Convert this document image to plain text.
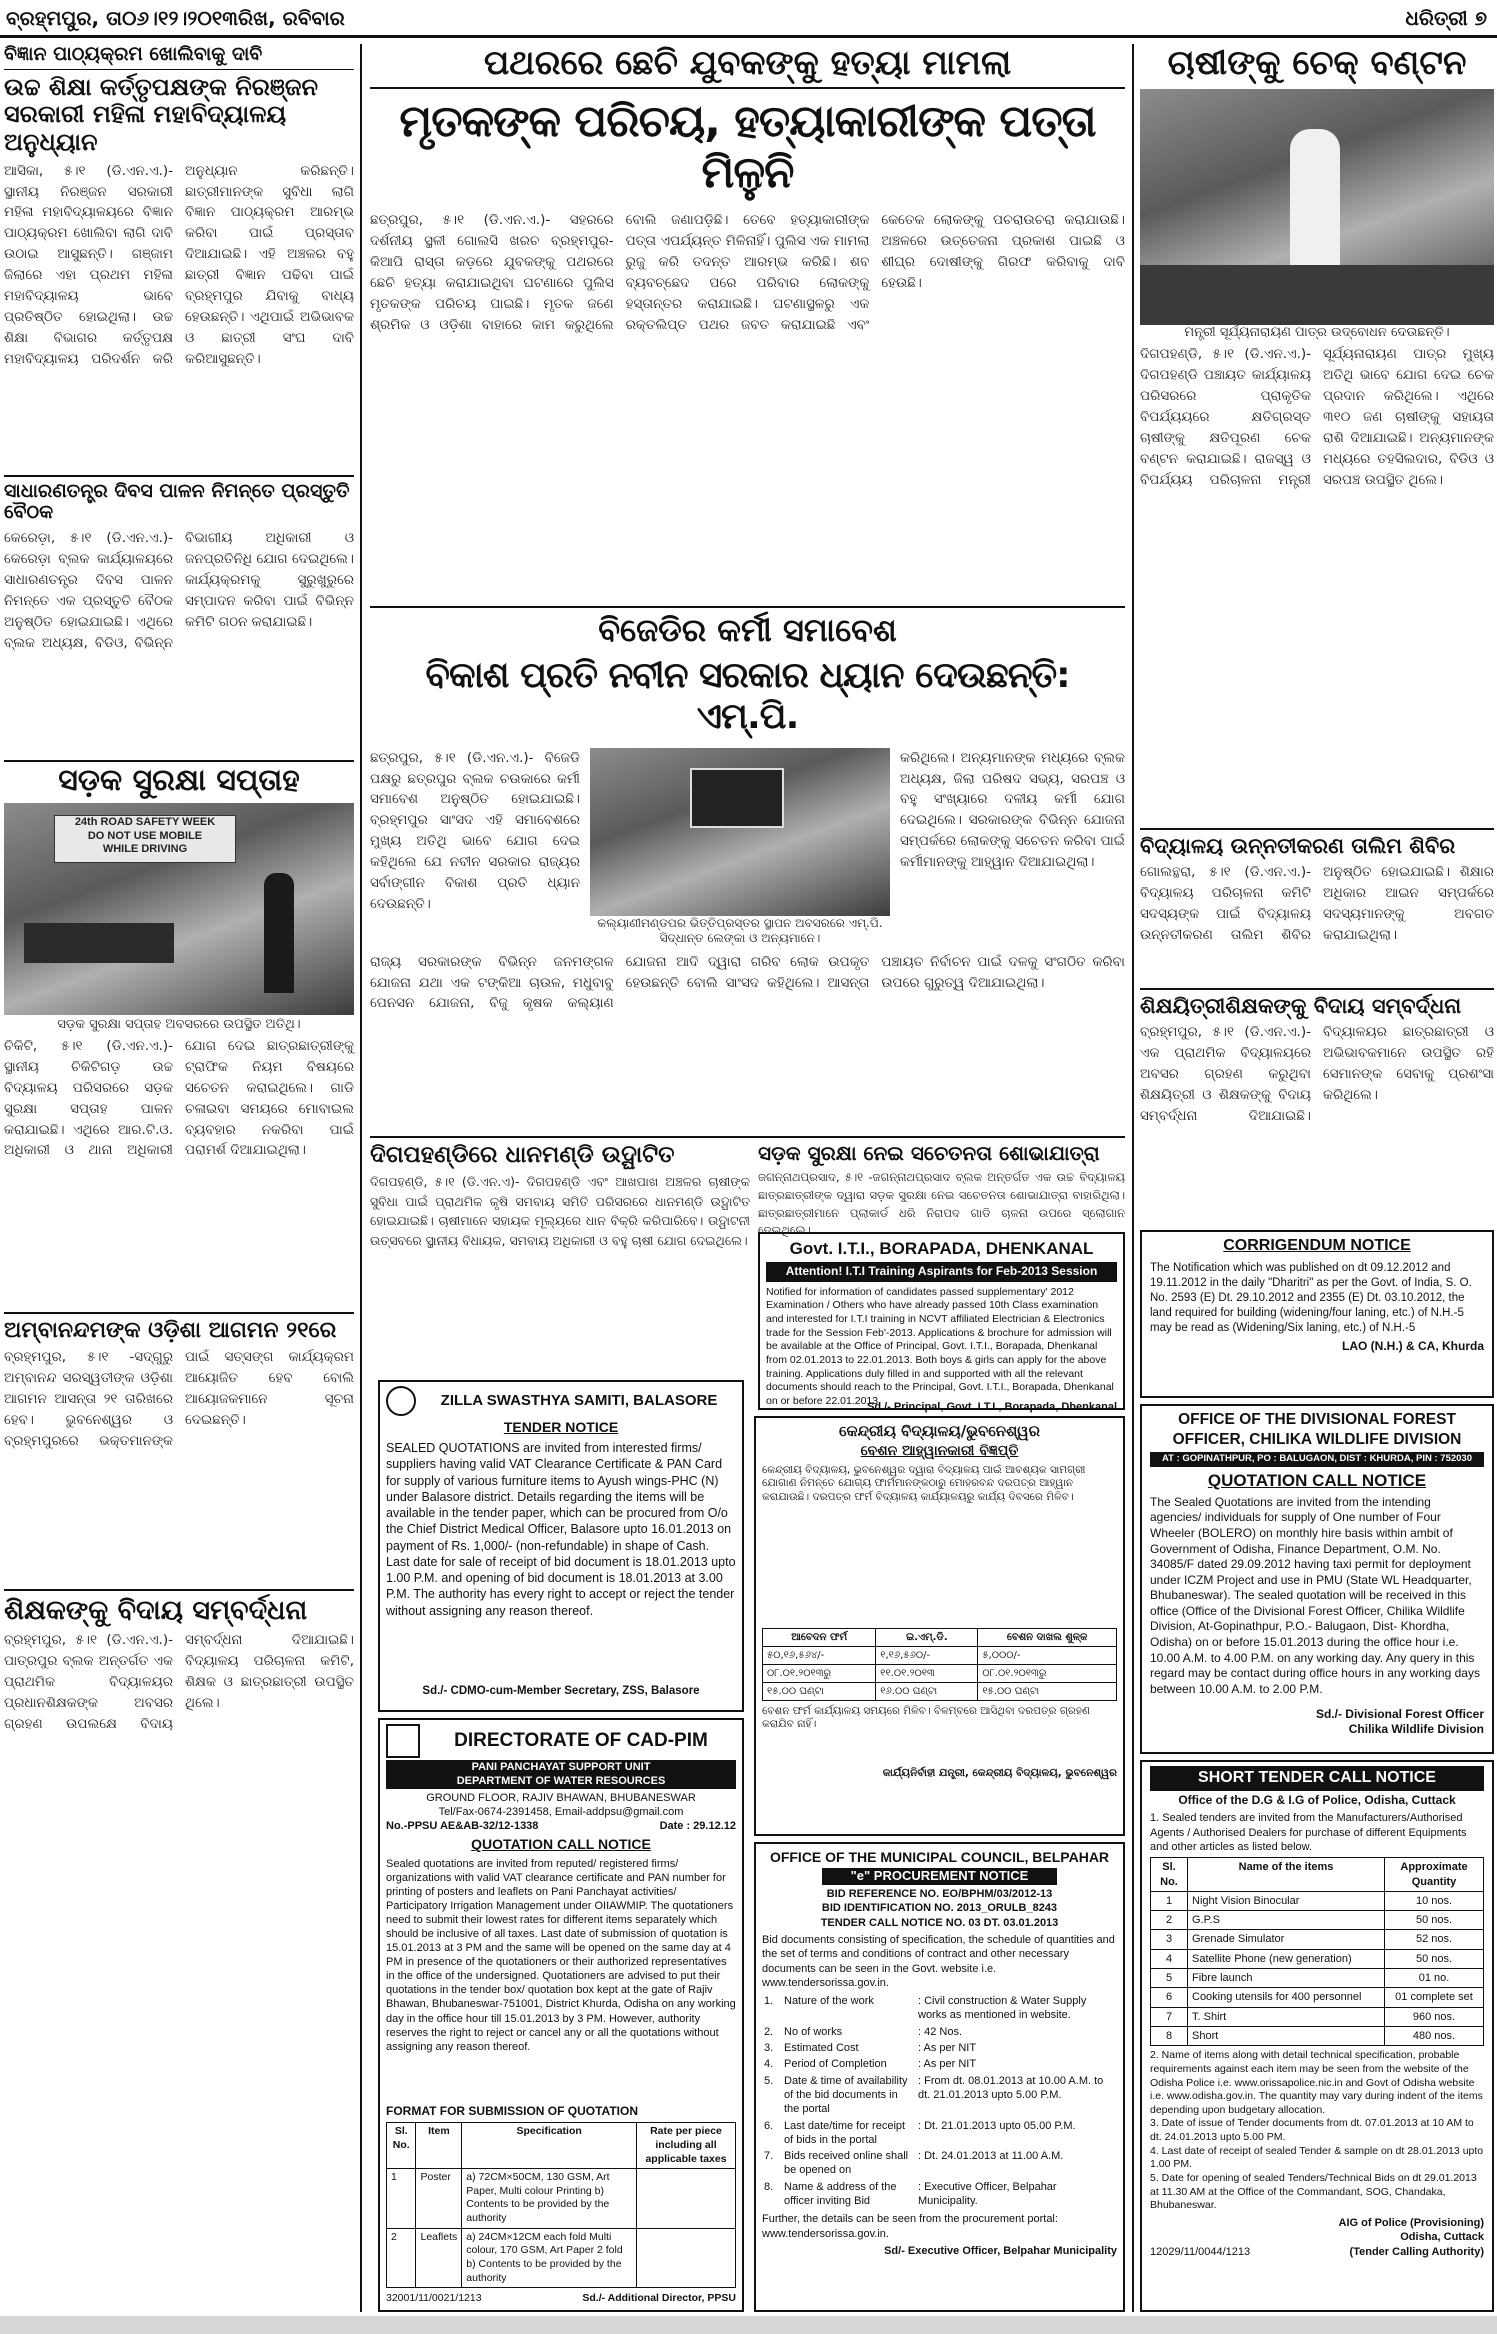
ବ୍ରହ୍ମପୁର, ତା୦୬।୧୨।୨୦୧୩ରିଖ, ରବିବାର	ଧରିତ୍ରୀ ୭
ବିଜ୍ଞାନ ପାଠ୍ୟକ୍ରମ ଖୋଲିବାକୁ ଦାବି
ଉଚ୍ଚ ଶିକ୍ଷା କର୍ତ୍ତୃପକ୍ଷଙ୍କ ନିରଞ୍ଜନ ସରକାରୀ ମହିଳା ମହାବିଦ୍ୟାଳୟ ଅନୁଧ୍ୟାନ
ଆସିକା, ୫।୧ (ଡି.ଏନ.ଏ.)- ସ୍ଥାନୀୟ ନିରଞ୍ଜନ ସରକାରୀ ମହିଳା ମହାବିଦ୍ୟାଳୟରେ ବିଜ୍ଞାନ ପାଠ୍ୟକ୍ରମ ଖୋଲିବା ଲାଗି ଦାବି ଉଠାଇ ଆସୁଛନ୍ତି। ଗଞ୍ଜାମ ଜିଲାରେ ଏହା ପ୍ରଥମ ମହିଳା ମହାବିଦ୍ୟାଳୟ ଭାବେ ପ୍ରତିଷ୍ଠିତ ହୋଇଥିଲା। ଉଚ୍ଚ ଶିକ୍ଷା ବିଭାଗର କର୍ତ୍ତୃପକ୍ଷ ମହାବିଦ୍ୟାଳୟ ପରିଦର୍ଶନ କରି ଅନୁଧ୍ୟାନ କରିଛନ୍ତି। ଛାତ୍ରୀମାନଙ୍କ ସୁବିଧା ଲାଗି ବିଜ୍ଞାନ ପାଠ୍ୟକ୍ରମ ଆରମ୍ଭ କରିବା ପାଇଁ ପ୍ରସ୍ତାବ ଦିଆଯାଇଛି। ଏହି ଅଞ୍ଚଳର ବହୁ ଛାତ୍ରୀ ବିଜ୍ଞାନ ପଢିବା ପାଇଁ ବ୍ରହ୍ମପୁର ଯିବାକୁ ବାଧ୍ୟ ହେଉଛନ୍ତି। ଏଥିପାଇଁ ଅଭିଭାବକ ଓ ଛାତ୍ରୀ ସଂଘ ଦାବି କରିଆସୁଛନ୍ତି।
ସାଧାରଣତନ୍ତ୍ର ଦିବସ ପାଳନ ନିମନ୍ତେ ପ୍ରସ୍ତୁତି ବୈଠକ
କେରେଡ଼ା, ୫।୧ (ଡି.ଏନ.ଏ.)- କେରେଡ଼ା ବ୍ଲକ କାର୍ଯ୍ୟାଳୟରେ ସାଧାରଣତନ୍ତ୍ର ଦିବସ ପାଳନ ନିମନ୍ତେ ଏକ ପ୍ରସ୍ତୁତି ବୈଠକ ଅନୁଷ୍ଠିତ ହୋଇଯାଇଛି। ଏଥିରେ ବ୍ଲକ ଅଧ୍ୟକ୍ଷ, ବିଡିଓ, ବିଭିନ୍ନ ବିଭାଗୀୟ ଅଧିକାରୀ ଓ ଜନପ୍ରତିନିଧି ଯୋଗ ଦେଇଥିଲେ। କାର୍ଯ୍ୟକ୍ରମକୁ ସୁରୁଖୁରୁରେ ସମ୍ପାଦନ କରିବା ପାଇଁ ବିଭିନ୍ନ କମିଟି ଗଠନ କରାଯାଇଛି।
ସଡ଼କ ସୁରକ୍ଷା ସପ୍ତାହ
24th ROAD SAFETY WEEK
DO NOT USE MOBILE
WHILE DRIVING
ସଡ଼କ ସୁରକ୍ଷା ସପ୍ତାହ ଅବସରରେ ଉପସ୍ଥିତ ଅତିଥି।
ଚିକିଟି, ୫।୧ (ଡି.ଏନ.ଏ.)- ସ୍ଥାନୀୟ ଚିକିଟିଗଡ଼ ଉଚ୍ଚ ବିଦ୍ୟାଳୟ ପରିସରରେ ସଡ଼କ ସୁରକ୍ଷା ସପ୍ତାହ ପାଳନ କରାଯାଇଛି। ଏଥିରେ ଆର.ଟି.ଓ. ଅଧିକାରୀ ଓ ଥାନା ଅଧିକାରୀ ଯୋଗ ଦେଇ ଛାତ୍ରଛାତ୍ରୀଙ୍କୁ ଟ୍ରାଫିକ ନିୟମ ବିଷୟରେ ସଚେତନ କରାଇଥିଲେ। ଗାଡି ଚଳାଇବା ସମୟରେ ମୋବାଇଲ ବ୍ୟବହାର ନକରିବା ପାଇଁ ପରାମର୍ଶ ଦିଆଯାଇଥିଲା।
ଅମ୍ବାନନ୍ଦମଙ୍କ ଓଡ଼ିଶା ଆଗମନ ୨୧ରେ
ବ୍ରହ୍ମପୁର, ୫।୧ -ସଦ୍ଗୁରୁ ଅମ୍ବାନନ୍ଦ ସରସ୍ୱତୀଙ୍କ ଓଡ଼ିଶା ଆଗମନ ଆସନ୍ତା ୨୧ ତାରିଖରେ ହେବ। ଭୁବନେଶ୍ୱର ଓ ବ୍ରହ୍ମପୁରରେ ଭକ୍ତମାନଙ୍କ ପାଇଁ ସତ୍ସଙ୍ଗ କାର୍ଯ୍ୟକ୍ରମ ଆୟୋଜିତ ହେବ ବୋଲି ଆୟୋଜକମାନେ ସୂଚନା ଦେଇଛନ୍ତି।
ଶିକ୍ଷକଙ୍କୁ ବିଦାୟ ସମ୍ବର୍ଦ୍ଧନା
ବ୍ରହ୍ମପୁର, ୫।୧ (ଡି.ଏନ.ଏ.)- ପାତ୍ରପୁର ବ୍ଲକ ଅନ୍ତର୍ଗତ ଏକ ପ୍ରାଥମିକ ବିଦ୍ୟାଳୟର ପ୍ରଧାନଶିକ୍ଷକଙ୍କ ଅବସର ଗ୍ରହଣ ଉପଲକ୍ଷେ ବିଦାୟ ସମ୍ବର୍ଦ୍ଧନା ଦିଆଯାଇଛି। ବିଦ୍ୟାଳୟ ପରିଚାଳନା କମିଟି, ଶିକ୍ଷକ ଓ ଛାତ୍ରଛାତ୍ରୀ ଉପସ୍ଥିତ ଥିଲେ।
ପଥରରେ ଛେଚି ଯୁବକଙ୍କୁ ହତ୍ୟା ମାମଲା
ମୃତକଙ୍କ ପରିଚୟ, ହତ୍ୟାକାରୀଙ୍କ ପତ୍ତା ମିଳୁନି
ଛତ୍ରପୁର, ୫।୧ (ଡି.ଏନ.ଏ.)- ସହରରେ ଦର୍ଶନୀୟ ସ୍ଥଳୀ ଗୋଲସି ଖରଚ ବ୍ରହ୍ମପୁର-କିଆପି ରାସ୍ତା କଡ଼ରେ ଯୁବକଙ୍କୁ ପଥରରେ ଛେଚି ହତ୍ୟା କରାଯାଇଥିବା ଘଟଣାରେ ପୁଲିସ ମୃତକଙ୍କ ପରିଚୟ ପାଇଛି। ମୃତକ ଜଣେ ଶ୍ରମିକ ଓ ଓଡ଼ିଶା ବାହାରେ କାମ କରୁଥିଲେ ବୋଲି ଜଣାପଡ଼ିଛି। ତେବେ ହତ୍ୟାକାରୀଙ୍କ ପତ୍ତା ଏପର୍ଯ୍ୟନ୍ତ ମିଳିନାହିଁ। ପୁଲିସ ଏକ ମାମଲା ରୁଜୁ କରି ତଦନ୍ତ ଆରମ୍ଭ କରିଛି। ଶବ ବ୍ୟବଚ୍ଛେଦ ପରେ ପରିବାର ଲୋକଙ୍କୁ ହସ୍ତାନ୍ତର କରାଯାଇଛି। ଘଟଣାସ୍ଥଳରୁ ଏକ ରକ୍ତଲିପ୍ତ ପଥର ଜବତ କରାଯାଇଛି ଏବଂ କେତେକ ଲୋକଙ୍କୁ ପଚରାଉଚରା କରାଯାଉଛି। ଅଞ୍ଚଳରେ ଉତ୍ତେଜନା ପ୍ରକାଶ ପାଇଛି ଓ ଶୀଘ୍ର ଦୋଷୀଙ୍କୁ ଗିରଫ କରିବାକୁ ଦାବି ହେଉଛି।
ବିଜେଡିର କର୍ମୀ ସମାବେଶ
ବିକାଶ ପ୍ରତି ନବୀନ ସରକାର ଧ୍ୟାନ ଦେଉଛନ୍ତି: ଏମ୍.ପି.
ଛତ୍ରପୁର, ୫।୧ (ଡି.ଏନ.ଏ.)- ବିଜେଡି ପକ୍ଷରୁ ଛତ୍ରପୁର ବ୍ଲକ ଚଉକାରେ କର୍ମୀ ସମାବେଶ ଅନୁଷ୍ଠିତ ହୋଇଯାଇଛି। ବ୍ରହ୍ମପୁର ସାଂସଦ ଏହି ସମାବେଶରେ ମୁଖ୍ୟ ଅତିଥି ଭାବେ ଯୋଗ ଦେଇ କହିଥିଲେ ଯେ ନବୀନ ସରକାର ରାଜ୍ୟର ସର୍ବାଙ୍ଗୀନ ବିକାଶ ପ୍ରତି ଧ୍ୟାନ ଦେଉଛନ୍ତି।
କଲ୍ୟାଣୀମଣ୍ଡପର ଭିତ୍ତିପ୍ରସ୍ତର ସ୍ଥାପନ ଅବସରରେ ଏମ୍.ପି. ସିଦ୍ଧାନ୍ତ ଲେଙ୍କା ଓ ଅନ୍ୟମାନେ।
କରିଥିଲେ। ଅନ୍ୟମାନଙ୍କ ମଧ୍ୟରେ ବ୍ଲକ ଅଧ୍ୟକ୍ଷ, ଜିଲା ପରିଷଦ ସଭ୍ୟ, ସରପଞ୍ଚ ଓ ବହୁ ସଂଖ୍ୟାରେ ଦଳୀୟ କର୍ମୀ ଯୋଗ ଦେଇଥିଲେ। ସରକାରଙ୍କ ବିଭିନ୍ନ ଯୋଜନା ସମ୍ପର୍କରେ ଲୋକଙ୍କୁ ସଚେତନ କରିବା ପାଇଁ କର୍ମୀମାନଙ୍କୁ ଆହ୍ୱାନ ଦିଆଯାଇଥିଲା।
ରାଜ୍ୟ ସରକାରଙ୍କ ବିଭିନ୍ନ ଜନମଙ୍ଗଳ ଯୋଜନା ଯଥା ଏକ ଟଙ୍କିଆ ଚାଉଳ, ମଧୁବାବୁ ପେନସନ ଯୋଜନା, ବିଜୁ କୃଷକ କଲ୍ୟାଣ ଯୋଜନା ଆଦି ଦ୍ୱାରା ଗରିବ ଲୋକ ଉପକୃତ ହେଉଛନ୍ତି ବୋଲି ସାଂସଦ କହିଥିଲେ। ଆସନ୍ତା ପଞ୍ଚାୟତ ନିର୍ବାଚନ ପାଇଁ ଦଳକୁ ସଂଗଠିତ କରିବା ଉପରେ ଗୁରୁତ୍ୱ ଦିଆଯାଇଥିଲା।
ଦିଗପହଣ୍ଡିରେ ଧାନମଣ୍ଡି ଉଦ୍ଘାଟିତ
ଦିଗପହଣ୍ଡି, ୫।୧ (ଡି.ଏନ.ଏ)- ଦିଗପହଣ୍ଡି ଏବଂ ଆଖପାଖ ଅଞ୍ଚଳର ଚାଷୀଙ୍କ ସୁବିଧା ପାଇଁ ପ୍ରାଥମିକ କୃଷି ସମବାୟ ସମିତି ପରିସରରେ ଧାନମଣ୍ଡି ଉଦ୍ଘାଟିତ ହୋଇଯାଇଛି। ଚାଷୀମାନେ ସହାୟକ ମୂଲ୍ୟରେ ଧାନ ବିକ୍ରି କରିପାରିବେ। ଉଦ୍ଘାଟନୀ ଉତ୍ସବରେ ସ୍ଥାନୀୟ ବିଧାୟକ, ସମବାୟ ଅଧିକାରୀ ଓ ବହୁ ଚାଷୀ ଯୋଗ ଦେଇଥିଲେ।
ସଡ଼କ ସୁରକ୍ଷା ନେଇ ସଚେତନତା ଶୋଭାଯାତ୍ରା
ଜଗନ୍ନାଥପ୍ରସାଦ, ୫।୧ -ଜଗନ୍ନାଥପ୍ରସାଦ ବ୍ଲକ ଅନ୍ତର୍ଗତ ଏକ ଉଚ୍ଚ ବିଦ୍ୟାଳୟ ଛାତ୍ରଛାତ୍ରୀଙ୍କ ଦ୍ୱାରା ସଡ଼କ ସୁରକ୍ଷା ନେଇ ସଚେତନତା ଶୋଭାଯାତ୍ରା ବାହାରିଥିଲା। ଛାତ୍ରଛାତ୍ରୀମାନେ ପ୍ଲାକାର୍ଡ ଧରି ନିରାପଦ ଗାଡି ଚାଳନା ଉପରେ ସ୍ଲୋଗାନ ଦେଇଥିଲେ।
Govt. I.T.I., BORAPADA, DHENKANAL
Attention! I.T.I Training Aspirants for Feb-2013 Session
Notified for information of candidates passed supplementary' 2012 Examination / Others who have already passed 10th Class examination and interested for I.T.I training in NCVT affiliated Electrician & Electronics trade for the Session Feb'-2013. Applications & brochure for admission will be available at the Office of Principal, Govt. I.T.I., Borapada, Dhenkanal from 02.01.2013 to 22.01.2013. Both boys & girls can apply for the above training. Applications duly filled in and supported with all the relevant documents should reach to the Principal, Govt. I.T.I., Borapada, Dhenkanal on or before 22.01.2013.
Sd./- Principal, Govt. I.T.I., Borapada, Dhenkanal
ZILLA SWASTHYA SAMITI, BALASORE
TENDER NOTICE
SEALED QUOTATIONS are invited from interested firms/ suppliers having valid VAT Clearance Certificate & PAN Card for supply of various furniture items to Ayush wings-PHC (N) under Balasore district. Details regarding the items will be available in the tender paper, which can be procured from O/o the Chief District Medical Officer, Balasore upto 16.01.2013 on payment of Rs. 1,000/- (non-refundable) in shape of Cash. Last date for sale of receipt of bid document is 18.01.2013 upto 1.00 P.M. and opening of bid document is 18.01.2013 at 3.00 P.M. The authority has every right to accept or reject the tender without assigning any reason thereof.
Sd./- CDMO-cum-Member Secretary, ZSS, Balasore
DIRECTORATE OF CAD-PIM
PANI PANCHAYAT SUPPORT UNIT
DEPARTMENT OF WATER RESOURCES
GROUND FLOOR, RAJIV BHAWAN, BHUBANESWAR
Tel/Fax-0674-2391458, Email-addpsu@gmail.com
No.-PPSU AE&AB-32/12-1338	Date : 29.12.12
QUOTATION CALL NOTICE
Sealed quotations are invited from reputed/ registered firms/ organizations with valid VAT clearance certificate and PAN number for printing of posters and leaflets on Pani Panchayat activities/ Participatory Irrigation Management under OIIAWMIP. The quotationers need to submit their lowest rates for different items separately which should be inclusive of all taxes. Last date of submission of quotation is 15.01.2013 at 3 PM and the same will be opened on the same day at 4 PM in presence of the quotationers or their authorized representatives in the office of the undersigned. Quotationers are advised to put their quotations in the tender box/ quotation box kept at the gate of Rajiv Bhawan, Bhubaneswar-751001, District Khurda, Odisha on any working day in the office hour till 15.01.2013 by 3 PM. However, authority reserves the right to reject or cancel any or all the quotations without assigning any reason thereof.
FORMAT FOR SUBMISSION OF QUOTATION
Sl. No.	Item	Specification	Rate per piece including all applicable taxes
1	Poster	a) 72CM×50CM, 130 GSM, Art Paper, Multi colour Printing b) Contents to be provided by the authority	
2	Leaflets	a) 24CM×12CM each fold Multi colour, 170 GSM, Art Paper 2 fold b) Contents to be provided by the authority	
32001/11/0021/1213	Sd./- Additional Director, PPSU
କେନ୍ଦ୍ରୀୟ ବିଦ୍ୟାଳୟ/ଭୁବନେଶ୍ୱର
ବେଶନ ଆହ୍ୱାନକାରୀ ବିଜ୍ଞପ୍ତି
କେନ୍ଦ୍ରୀୟ ବିଦ୍ୟାଳୟ, ଭୁବନେଶ୍ୱର ଦ୍ୱାରା ବିଦ୍ୟାଳୟ ପାଇଁ ଆବଶ୍ୟକ ସାମଗ୍ରୀ ଯୋଗାଣ ନିମନ୍ତେ ଯୋଗ୍ୟ ଫାର୍ମମାନଙ୍କଠାରୁ ମୋହରବନ୍ଦ ଦରପତ୍ର ଆହ୍ୱାନ କରାଯାଉଛି। ଦରପତ୍ର ଫର୍ମ ବିଦ୍ୟାଳୟ କାର୍ଯ୍ୟାଳୟରୁ କାର୍ଯ୍ୟ ଦିବସରେ ମିଳିବ।
ଆବେଦନ ଫର୍ମ	ଇ.ଏମ୍.ଡି.	ବେଶନ ଦାଖଲ ଶୁଳ୍କ
୫୦,୧୬,୫୬୪/-	୧,୧୬,୫୬୦/-	୫,୦୦୦/-
୦୮.୦୧.୨୦୧୩ରୁ	୧୧.୦୧.୨୦୧୩	୦୮.୦୧.୨୦୧୩ରୁ
୧୫.୦୦ ଘଣ୍ଟା	୧୬.୦୦ ଘଣ୍ଟା	୧୫.୦୦ ଘଣ୍ଟା
ବେଶନ ଫର୍ମ କାର୍ଯ୍ୟାଳୟ ସମୟରେ ମିଳିବ। ବିଳମ୍ବରେ ଆସିଥିବା ଦରପତ୍ର ଗ୍ରହଣ କରାଯିବ ନାହିଁ।
କାର୍ଯ୍ୟନିର୍ବାହୀ ଯନ୍ତ୍ରୀ, କେନ୍ଦ୍ରୀୟ ବିଦ୍ୟାଳୟ, ଭୁବନେଶ୍ୱର
OFFICE OF THE MUNICIPAL COUNCIL, BELPAHAR
"e" PROCUREMENT NOTICE
BID REFERENCE NO. EO/BPHM/03/2012-13
BID IDENTIFICATION NO. 2013_ORULB_8243
TENDER CALL NOTICE NO. 03 DT. 03.01.2013
Bid documents consisting of specification, the schedule of quantities and the set of terms and conditions of contract and other necessary documents can be seen in the Govt. website i.e. www.tendersorissa.gov.in.
1.	Nature of the work	: Civil construction & Water Supply works as mentioned in website.
2.	No of works	: 42 Nos.
3.	Estimated Cost	: As per NIT
4.	Period of Completion	: As per NIT
5.	Date & time of availability of the bid documents in the portal	: From dt. 08.01.2013 at 10.00 A.M. to dt. 21.01.2013 upto 5.00 P.M.
6.	Last date/time for receipt of bids in the portal	: Dt. 21.01.2013 upto 05.00 P.M.
7.	Bids received online shall be opened on	: Dt. 24.01.2013 at 11.00 A.M.
8.	Name & address of the officer inviting Bid	: Executive Officer, Belpahar Municipality.
Further, the details can be seen from the procurement portal: www.tendersorissa.gov.in.
Sd/- Executive Officer, Belpahar Municipality
ଚାଷୀଙ୍କୁ ଚେକ୍ ବଣ୍ଟନ
ମନ୍ତ୍ରୀ ସୂର୍ଯ୍ୟନାରାୟଣ ପାତ୍ର ଉଦ୍ବୋଧନ ଦେଉଛନ୍ତି।
ଦିଗପହଣ୍ଡି, ୫।୧ (ଡି.ଏନ.ଏ.)- ଦିଗପହଣ୍ଡି ପଞ୍ଚାୟତ କାର୍ଯ୍ୟାଳୟ ପରିସରରେ ପ୍ରାକୃତିକ ବିପର୍ଯ୍ୟୟରେ କ୍ଷତିଗ୍ରସ୍ତ ଚାଷୀଙ୍କୁ କ୍ଷତିପୂରଣ ଚେକ ବଣ୍ଟନ କରାଯାଇଛି। ରାଜସ୍ୱ ଓ ବିପର୍ଯ୍ୟୟ ପରିଚାଳନା ମନ୍ତ୍ରୀ ସୂର୍ଯ୍ୟନାରାୟଣ ପାତ୍ର ମୁଖ୍ୟ ଅତିଥି ଭାବେ ଯୋଗ ଦେଇ ଚେକ ପ୍ରଦାନ କରିଥିଲେ। ଏଥିରେ ୩୧୦ ଜଣ ଚାଷୀଙ୍କୁ ସହାୟତା ରାଶି ଦିଆଯାଇଛି। ଅନ୍ୟମାନଙ୍କ ମଧ୍ୟରେ ତହସିଲଦାର, ବିଡିଓ ଓ ସରପଞ୍ଚ ଉପସ୍ଥିତ ଥିଲେ।
ବିଦ୍ୟାଳୟ ଉନ୍ନତୀକରଣ ତାଲିମ ଶିବିର
ଗୋଲନ୍ଥରା, ୫।୧ (ଡି.ଏନ.ଏ.)- ବିଦ୍ୟାଳୟ ପରିଚାଳନା କମିଟି ସଦସ୍ୟଙ୍କ ପାଇଁ ବିଦ୍ୟାଳୟ ଉନ୍ନତୀକରଣ ତାଲିମ ଶିବିର ଅନୁଷ୍ଠିତ ହୋଇଯାଇଛି। ଶିକ୍ଷାର ଅଧିକାର ଆଇନ ସମ୍ପର୍କରେ ସଦସ୍ୟମାନଙ୍କୁ ଅବଗତ କରାଯାଇଥିଲା।
ଶିକ୍ଷୟିତ୍ରୀଶିକ୍ଷକଙ୍କୁ ବିଦାୟ ସମ୍ବର୍ଦ୍ଧନା
ବ୍ରହ୍ମପୁର, ୫।୧ (ଡି.ଏନ.ଏ.)- ଏକ ପ୍ରାଥମିକ ବିଦ୍ୟାଳୟରେ ଅବସର ଗ୍ରହଣ କରୁଥିବା ଶିକ୍ଷୟିତ୍ରୀ ଓ ଶିକ୍ଷକଙ୍କୁ ବିଦାୟ ସମ୍ବର୍ଦ୍ଧନା ଦିଆଯାଇଛି। ବିଦ୍ୟାଳୟର ଛାତ୍ରଛାତ୍ରୀ ଓ ଅଭିଭାବକମାନେ ଉପସ୍ଥିତ ରହି ସେମାନଙ୍କ ସେବାକୁ ପ୍ରଶଂସା କରିଥିଲେ।
CORRIGENDUM NOTICE
The Notification which was published on dt 09.12.2012 and 19.11.2012 in the daily "Dharitri" as per the Govt. of India, S. O. No. 2593 (E) Dt. 29.10.2012 and 2355 (E) Dt. 03.10.2012, the land required for building (widening/four laning, etc.) of N.H.-5 may be read as (Widening/Six laning, etc.) of N.H.-5
LAO (N.H.) & CA, Khurda
OFFICE OF THE DIVISIONAL FOREST OFFICER, CHILIKA WILDLIFE DIVISION
AT : GOPINATHPUR, PO : BALUGAON, DIST : KHURDA, PIN : 752030
QUOTATION CALL NOTICE
The Sealed Quotations are invited from the intending agencies/ individuals for supply of One number of Four Wheeler (BOLERO) on monthly hire basis within ambit of Government of Odisha, Finance Department, O.M. No. 34085/F dated 29.09.2012 having taxi permit for deployment under ICZM Project and use in PMU (State WL Headquarter, Bhubaneswar). The sealed quotation will be received in this office (Office of the Divisional Forest Officer, Chilika Wildlife Division, At-Gopinathpur, P.O.- Balugaon, Dist- Khordha, Odisha) on or before 15.01.2013 during the office hour i.e. 10.00 A.M. to 4.00 P.M. on any working day. Any query in this regard may be contact during office hours in any working days between 10.00 A.M. to 2.00 P.M.
Sd./- Divisional Forest Officer
Chilika Wildlife Division
SHORT TENDER CALL NOTICE
Office of the D.G & I.G of Police, Odisha, Cuttack
1. Sealed tenders are invited from the Manufacturers/Authorised Agents / Authorised Dealers for purchase of different Equipments and other articles as listed below.
Sl. No.	Name of the items	Approximate Quantity
1	Night Vision Binocular	10 nos.
2	G.P.S	50 nos.
3	Grenade Simulator	52 nos.
4	Satellite Phone (new generation)	50 nos.
5	Fibre launch	01 no.
6	Cooking utensils for 400 personnel	01 complete set
7	T. Shirt	960 nos.
8	Short	480 nos.
2. Name of items along with detail technical specification, probable requirements against each item may be seen from the website of the Odisha Police i.e. www.orissapolice.nic.in and Govt of Odisha website i.e. www.odisha.gov.in. The quantity may vary during indent of the items depending upon budgetary allocation.
3. Date of issue of Tender documents from dt. 07.01.2013 at 10 AM to dt. 24.01.2013 upto 5.00 PM.
4. Last date of receipt of sealed Tender & sample on dt 28.01.2013 upto 1.00 PM.
5. Date for opening of sealed Tenders/Technical Bids on dt 29.01.2013 at 11.30 AM at the Office of the Commandant, SOG, Chandaka, Bhubaneswar.
AIG of Police (Provisioning)
Odisha, Cuttack
12029/11/0044/1213	(Tender Calling Authority)
